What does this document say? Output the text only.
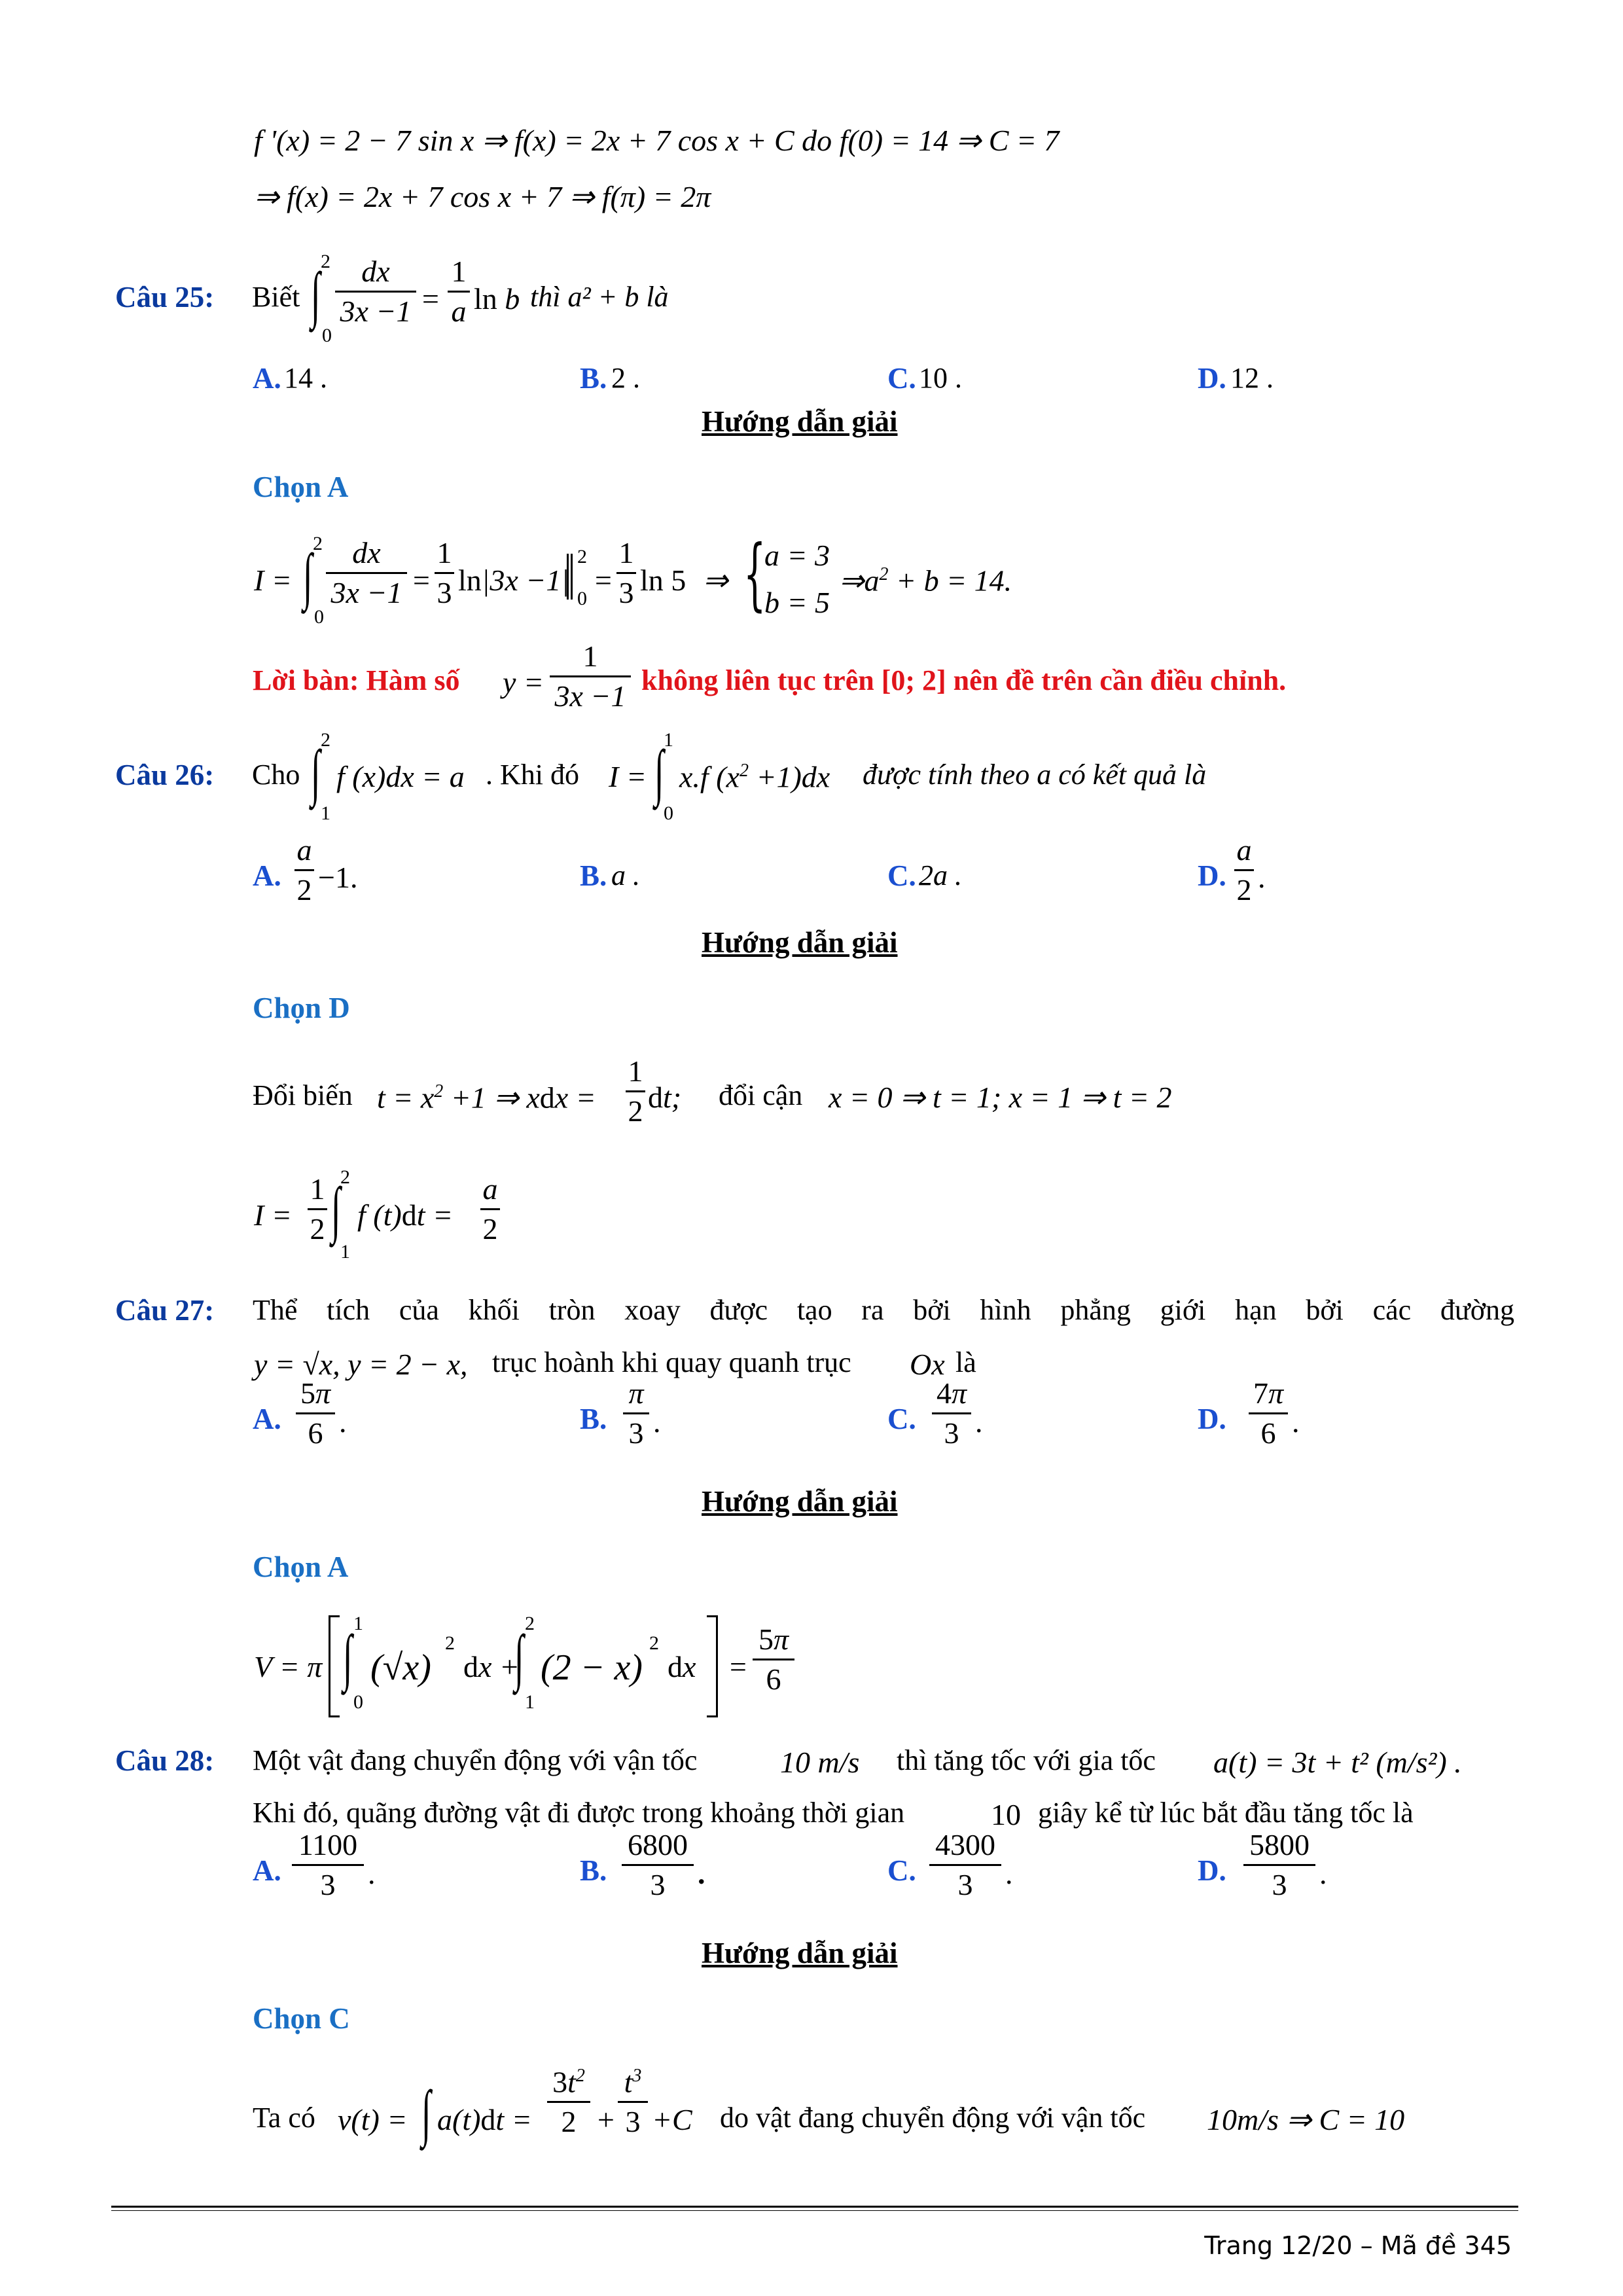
f '(x) = 2 − 7 sin x ⇒ f(x) = 2x + 7 cos x + C do f(0) = 14 ⇒ C = 7
⇒ f(x) = 2x + 7 cos x + 7 ⇒ f(π) = 2π
Câu 25: Biết
2
∫
0
dx
3x −1 =
1
a ln b thì a² + b là
A. 14 .	B. 2 .	C. 10 .	D. 12 .
Hướng dẫn giải
Chọn A
I =
2
∫
0
dx
3x −1 =
1
3 ln|3x −1|
2
0
=
1
3 ln 5 ⇒ {
a = 3
b = 5
$\Rightarrow a^2 + b = 14$.
Lời bàn: Hàm số y =
1
3x −1 không liên tục trên [0; 2] nên đề trên cần điều chỉnh.
Câu 26: Cho
2
∫
1
f (x)dx = a . Khi đó I =
1
∫
0
x.f $(x^2 +1)dx$ được tính theo a có kết quả là
A.
a
2 −1.	B. a .	C. 2a .	D.
a
2 .
Hướng dẫn giải
Chọn D
Đổi biến $t = x^2 +1$ ⇒ xdx =
1
2 dt; đổi cận x = 0 ⇒ t = 1; x = 1 ⇒ t = 2
I =
1
2
2
∫
1
f (t)dt =
a
2
Câu 27: Thể tích của khối tròn xoay được tạo ra bởi hình phẳng giới hạn bởi các đường
y = √x, y = 2 − x, trục hoành khi quay quanh trục Ox là
A.
5π
6 .	B.
π
3 .	C.
4π
3 .	D.
7π
6 .
Hướng dẫn giải
Chọn A
V = π
1
∫
0
(√x)
2
dx +
2
∫
1
(2 − x)
2
dx =
5π
6
Câu 28: Một vật đang chuyển động với vận tốc	10 m/s thì tăng tốc với gia tốc a(t) = 3t + t² (m/s²) .
Khi đó, quãng đường vật đi được trong khoảng thời gian	10 giây kể từ lúc bắt đầu tăng tốc là
A.
1100
3	.	B.
6800
3	.	C.
4300
3	.	D.
5800
3	.
Hướng dẫn giải
Chọn C
Ta có v(t) = ∫ a(t)dt =
$3t^2$
2 +
$t^3$
3 +C do vật đang chuyển động với vận tốc 10m/s ⇒ C = 10
Trang 12/20 – Mã đề 345
